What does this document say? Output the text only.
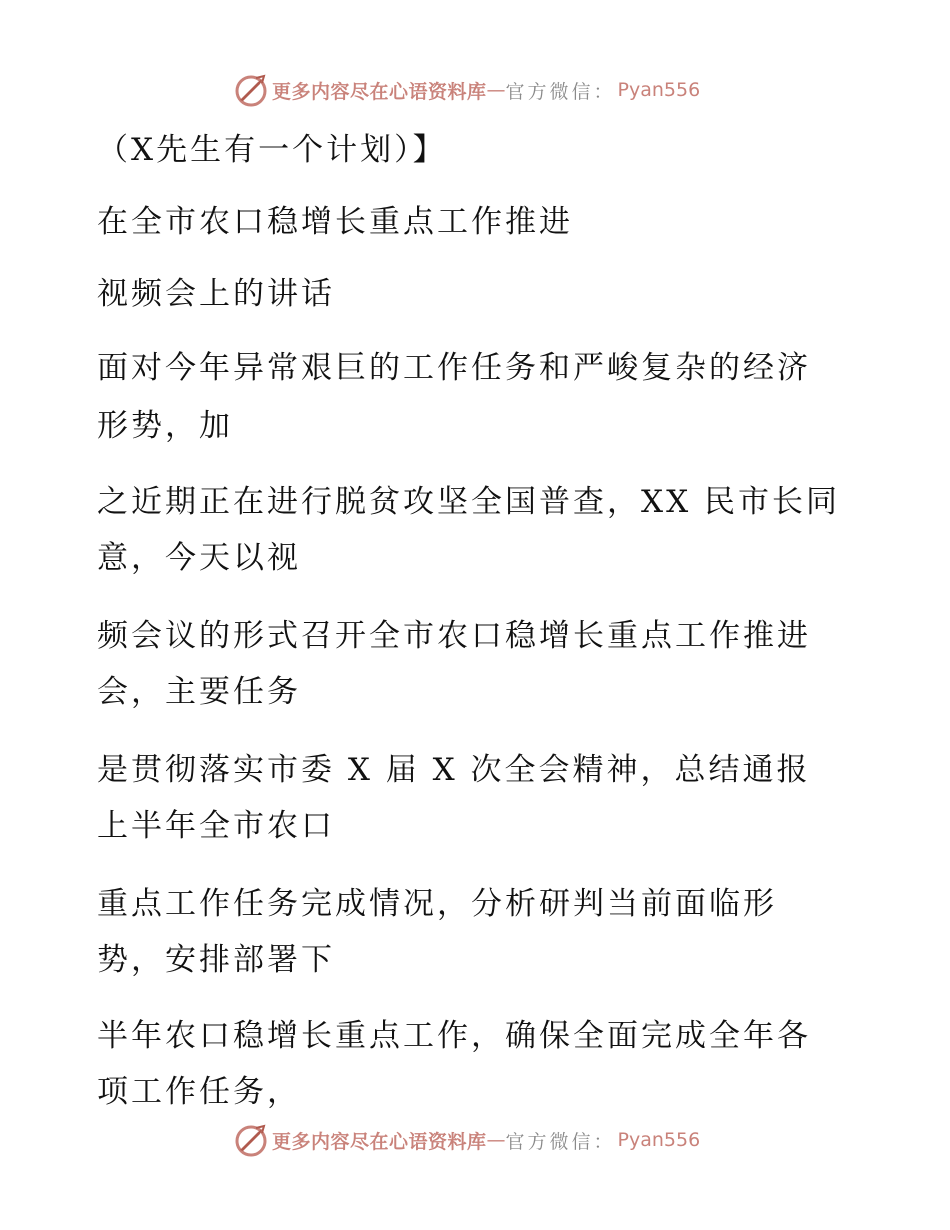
更多内容尽在心语资料库 — 官方微信： Pyan556
（X先生有一个计划）】
在全市农口稳增长重点工作推进
视频会上的讲话
面对今年异常艰巨的工作任务和严峻复杂的经济
形势，加
之近期正在进行脱贫攻坚全国普查，XX 民市长同
意，今天以视
频会议的形式召开全市农口稳增长重点工作推进
会，主要任务
是贯彻落实市委 X 届 X 次全会精神，总结通报
上半年全市农口
重点工作任务完成情况，分析研判当前面临形
势，安排部署下
半年农口稳增长重点工作，确保全面完成全年各
项工作任务，
更多内容尽在心语资料库 — 官方微信： Pyan556
